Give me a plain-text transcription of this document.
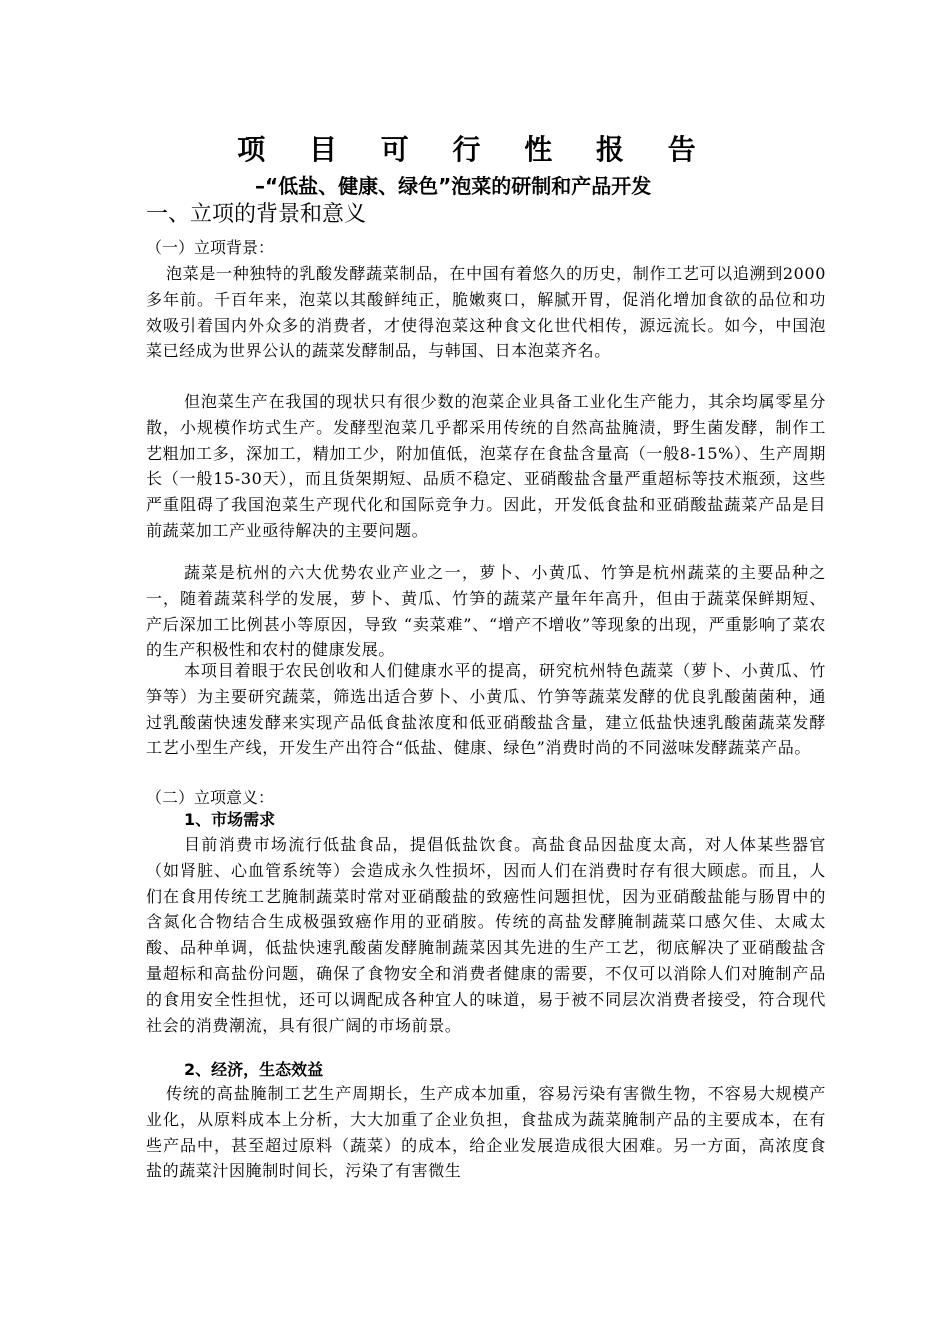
项 目 可 行 性 报 告
–“低盐、健康、绿色”泡菜的研制和产品开发
一、立项的背景和意义
（一）立项背景：

泡菜是一种独特的乳酸发酵蔬菜制品，在中国有着悠久的历史，制作工艺可以追溯到2000多年前。千百年来，泡菜以其酸鲜纯正，脆嫩爽口，解腻开胃，促消化增加食欲的品位和功效吸引着国内外众多的消费者，才使得泡菜这种食文化世代相传，源远流长。如今，中国泡菜已经成为世界公认的蔬菜发酵制品，与韩国、日本泡菜齐名。

但泡菜生产在我国的现状只有很少数的泡菜企业具备工业化生产能力，其余均属零星分散，小规模作坊式生产。发酵型泡菜几乎都采用传统的自然高盐腌渍，野生菌发酵，制作工艺粗加工多，深加工，精加工少，附加值低，泡菜存在食盐含量高（一般8-15%）、生产周期长（一般15-30天），而且货架期短、品质不稳定、亚硝酸盐含量严重超标等技术瓶颈，这些严重阻碍了我国泡菜生产现代化和国际竞争力。因此，开发低食盐和亚硝酸盐蔬菜产品是目前蔬菜加工产业亟待解决的主要问题。

蔬菜是杭州的六大优势农业产业之一，萝卜、小黄瓜、竹笋是杭州蔬菜的主要品种之一，随着蔬菜科学的发展，萝卜、黄瓜、竹笋的蔬菜产量年年高升，但由于蔬菜保鲜期短、产后深加工比例甚小等原因，导致 “卖菜难”、“增产不增收”等现象的出现，严重影响了菜农的生产积极性和农村的健康发展。

本项目着眼于农民创收和人们健康水平的提高，研究杭州特色蔬菜（萝卜、小黄瓜、竹笋等）为主要研究蔬菜，筛选出适合萝卜、小黄瓜、竹笋等蔬菜发酵的优良乳酸菌菌种，通过乳酸菌快速发酵来实现产品低食盐浓度和低亚硝酸盐含量，建立低盐快速乳酸菌蔬菜发酵工艺小型生产线，开发生产出符合“低盐、健康、绿色”消费时尚的不同滋味发酵蔬菜产品。

（二）立项意义：
1、市场需求

目前消费市场流行低盐食品，提倡低盐饮食。高盐食品因盐度太高，对人体某些器官（如肾脏、心血管系统等）会造成永久性损坏，因而人们在消费时存有很大顾虑。而且，人们在食用传统工艺腌制蔬菜时常对亚硝酸盐的致癌性问题担忧，因为亚硝酸盐能与肠胃中的含氮化合物结合生成极强致癌作用的亚硝胺。传统的高盐发酵腌制蔬菜口感欠佳、太咸太酸、品种单调，低盐快速乳酸菌发酵腌制蔬菜因其先进的生产工艺，彻底解决了亚硝酸盐含量超标和高盐份问题，确保了食物安全和消费者健康的需要，不仅可以消除人们对腌制产品的食用安全性担忧，还可以调配成各种宜人的味道，易于被不同层次消费者接受，符合现代社会的消费潮流，具有很广阔的市场前景。

2、经济，生态效益

传统的高盐腌制工艺生产周期长，生产成本加重，容易污染有害微生物，不容易大规模产业化，从原料成本上分析，大大加重了企业负担，食盐成为蔬菜腌制产品的主要成本，在有些产品中，甚至超过原料（蔬菜）的成本，给企业发展造成很大困难。另一方面，高浓度食盐的蔬菜汁因腌制时间长，污染了有害微生
